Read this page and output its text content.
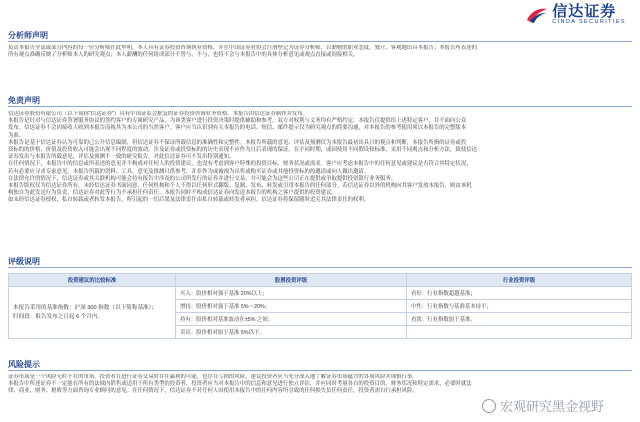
信达证券
CINDA SECURITIES
分析师声明

负责本报告全部或部分内容的每一位分析师在此申明，本人具有证券投资咨询执业资格，并在中国证券业协会注册登记为证券分析师，以勤勉的职业态度，独立、客观地出具本报告；本报告所表述的

所有观点准确反映了分析师本人的研究观点；本人薪酬的任何组成部分不曾与，不与，也将不会与本报告中的具体分析意见或观点直接或间接相关。

免责声明

信达证券股份有限公司（以下简称“信达证券”）具有中国证监会批复的证券投资咨询业务资格。本报告由信达证券制作并发布。

本报告是针对与信达证券签署服务协议的签约客户的专属研究产品，为该类客户进行投资决策时提供辅助和参考，双方对权利与义务均有严格约定。本报告仅提供给上述特定客户，并不面向公众

发布。信达证券不会因接收人收到本报告而视其为本公司的当然客户。客户应当认识到有关本报告的电话、短信、邮件提示仅为研究观点的简要沟通，对本报告的参考使用须以本报告的完整版本

为准。

本报告是基于信达证券认为可靠的已公开信息编制，但信达证券不保证所载信息的准确性和完整性。本报告所载的意见、评估及预测仅为本报告最初出具日的观点和判断，本报告所指的证券或投

资标的的价格、价值及投资收入可能会出现不同程度的波动，涉及证券或投资标的的历史表现不应作为日后表现的保证。在不同时期，或因使用不同假设和标准，采用不同观点和分析方法，致使信达

证券发出与本报告所载意见、评估及预测不一致的研究报告，对此信达证券可不发出特别通知。

在任何情况下，本报告中的信息或所表述的意见并不构成对任何人的投资建议，也没有考虑到客户特殊的投资目标、财务状况或需求。客户应考虑本报告中的任何意见或建议是否符合其特定状况，

若有必要应寻求专家意见。本报告所载的资料、工具、意见及推测只供参考，并非作为或被视为出售或购买证券或其他投资标的的邀请或向人做出邀请。

在法律允许的情况下，信达证券或其关联机构可能会持有报告中涉及的公司所发行的证券并进行交易，并可能会为这些公司正在提供或争取提供投资银行业务服务。

本报告版权仅为信达证券所有。未经信达证券书面同意，任何机构和个人不得以任何形式翻版、复制、发布、转发或引用本报告的任何部分。若信达证券以外的机构向其客户发放本报告，则由该机

构独自为此发送行为负责，信达证券对此等行为不承担任何责任。本报告同时不构成信达证券向发送本报告的机构之客户提供的投资建议。

如未经信达证券授权，私自转载或者转发本报告，所引起的一切后果及法律责任由私自转载或转发者承担。信达证券将保留随时追究其法律责任的权利。

评级说明
投资建议的比较标准	股票投资评级	行业投资评级

本报告采用的基准指数：沪深 300 指数（以下简称基准）；
时间段：报告发布之日起 6 个月内。	买入：股价相对强于基准 20%以上；	看好：行业指数超越基准；
	增持：股价相对强于基准 5%～20%；	中性：行业指数与基准基本持平；
	持有：股价相对基准波动在±5% 之间；	看淡：行业指数弱于基准。
	卖出：股价相对弱于基准 5%以下。	
风险提示

证券市场是一个风险无时不在的市场。投资者在进行证券交易时存在赢利的可能，也存在亏损的风险。建议投资者应当充分深入地了解证券市场蕴含的各项风险并谨慎行事。

本报告中所述证券不一定能在所有的法域内销售或适用于所有类型的投资者，投资者应当对本报告中的信息和意见进行独立评估，并应同时考量各自的投资目的、财务状况和特定需求，必要时就法

律、商业、财务、税收等方面咨询专业顾问的意见。在任何情况下，信达证券不对任何人因使用本报告中的任何内容所引致的任何损失负任何责任，投资者需自行承担风险。

宏观研究黑金视野
